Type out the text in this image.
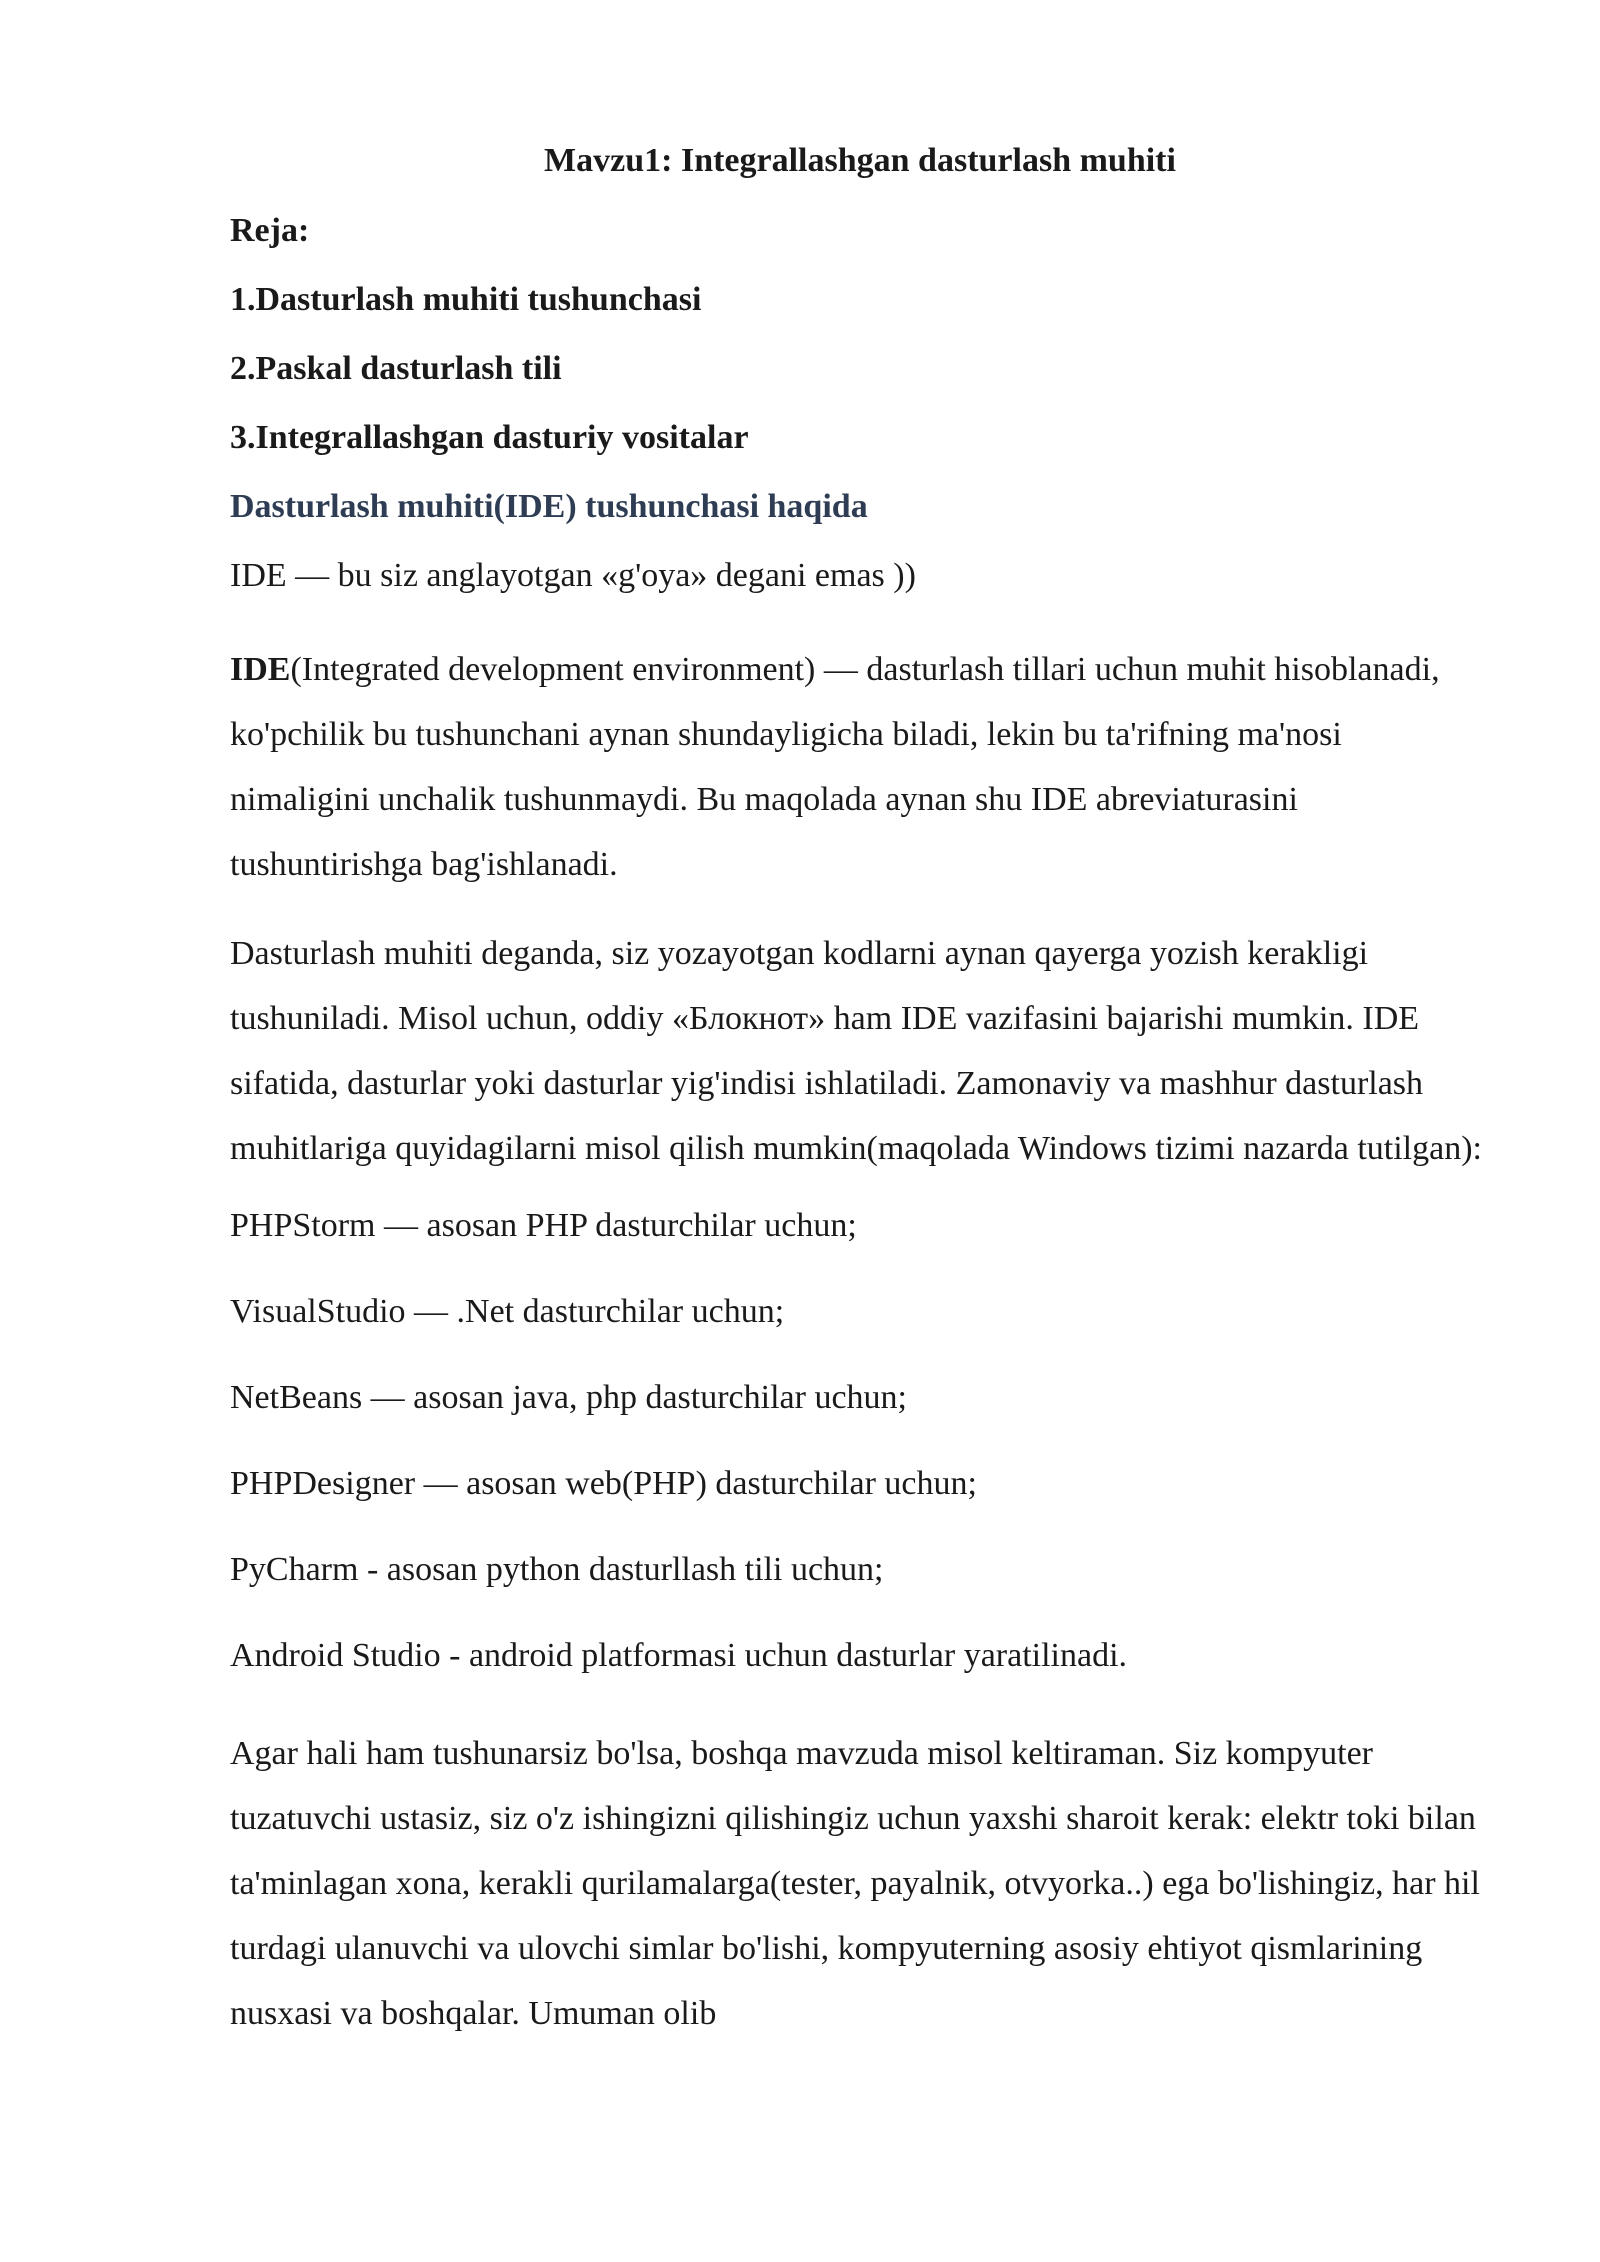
Mavzu1: Integrallashgan dasturlash muhiti
Reja:
1.Dasturlash muhiti tushunchasi
2.Paskal dasturlash tili
3.Integrallashgan dasturiy vositalar
Dasturlash muhiti(IDE) tushunchasi haqida
IDE — bu siz anglayotgan «g'oya» degani emas ))

IDE(Integrated development environment) — dasturlash tillari uchun muhit hisoblanadi, ko'pchilik bu tushunchani aynan shundayligicha biladi, lekin bu ta'rifning ma'nosi nimaligini unchalik tushunmaydi. Bu maqolada aynan shu IDE abreviaturasini tushuntirishga bag'ishlanadi.

Dasturlash muhiti deganda, siz yozayotgan kodlarni aynan qayerga yozish kerakligi tushuniladi. Misol uchun, oddiy «Блокнот» ham IDE vazifasini bajarishi mumkin. IDE sifatida, dasturlar yoki dasturlar yig'indisi ishlatiladi. Zamonaviy va mashhur dasturlash muhitlariga quyidagilarni misol qilish mumkin(maqolada Windows tizimi nazarda tutilgan):

PHPStorm — asosan PHP dasturchilar uchun;
VisualStudio — .Net dasturchilar uchun;
NetBeans — asosan java, php dasturchilar uchun;
PHPDesigner — asosan web(PHP) dasturchilar uchun;
PyCharm - asosan python dasturllash tili uchun;
Android Studio - android platformasi uchun dasturlar yaratilinadi.

Agar hali ham tushunarsiz bo'lsa, boshqa mavzuda misol keltiraman. Siz kompyuter tuzatuvchi ustasiz, siz o'z ishingizni qilishingiz uchun yaxshi sharoit kerak: elektr toki bilan ta'minlagan xona, kerakli qurilamalarga(tester, payalnik, otvyorka..) ega bo'lishingiz, har hil turdagi ulanuvchi va ulovchi simlar bo'lishi, kompyuterning asosiy ehtiyot qismlarining nusxasi va boshqalar. Umuman olib
